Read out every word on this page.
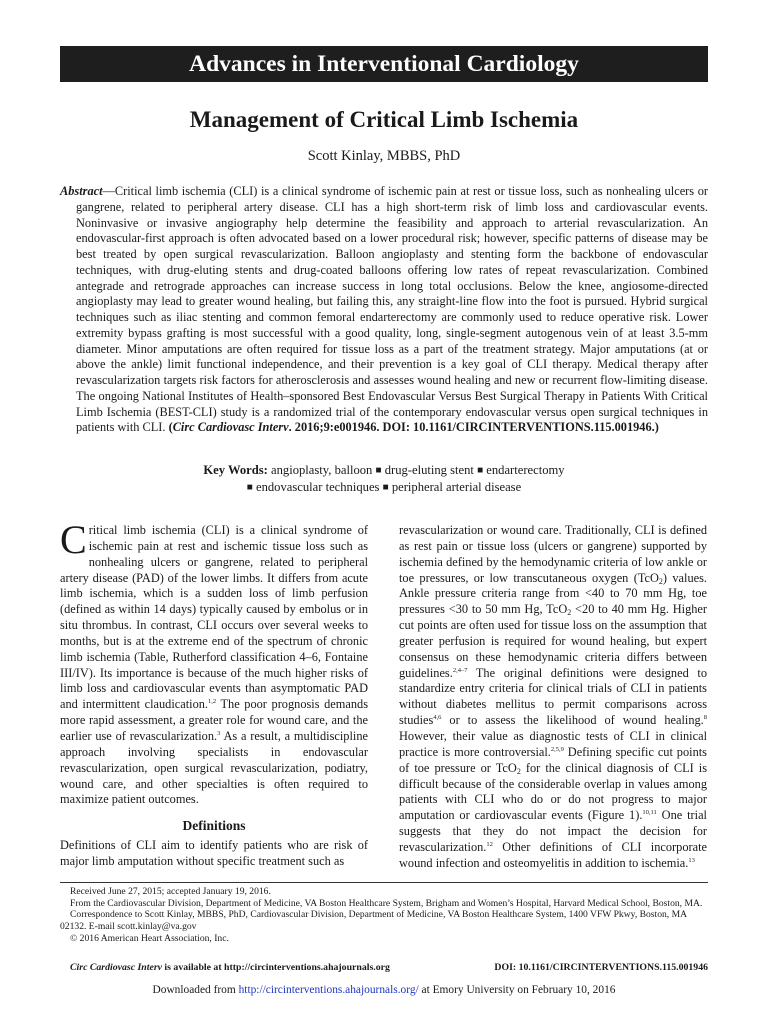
Advances in Interventional Cardiology
Management of Critical Limb Ischemia
Scott Kinlay, MBBS, PhD

Abstract—Critical limb ischemia (CLI) is a clinical syndrome of ischemic pain at rest or tissue loss, such as nonhealing ulcers or gangrene, related to peripheral artery disease. CLI has a high short-term risk of limb loss and cardiovascular events. Noninvasive or invasive angiography help determine the feasibility and approach to arterial revascularization. An endovascular-first approach is often advocated based on a lower procedural risk; however, specific patterns of disease may be best treated by open surgical revascularization. Balloon angioplasty and stenting form the backbone of endovascular techniques, with drug-eluting stents and drug-coated balloons offering low rates of repeat revascularization. Combined antegrade and retrograde approaches can increase success in long total occlusions. Below the knee, angiosome-directed angioplasty may lead to greater wound healing, but failing this, any straight-line flow into the foot is pursued. Hybrid surgical techniques such as iliac stenting and common femoral endarterectomy are commonly used to reduce operative risk. Lower extremity bypass grafting is most successful with a good quality, long, single-segment autogenous vein of at least 3.5-mm diameter. Minor amputations are often required for tissue loss as a part of the treatment strategy. Major amputations (at or above the ankle) limit functional independence, and their prevention is a key goal of CLI therapy. Medical therapy after revascularization targets risk factors for atherosclerosis and assesses wound healing and new or recurrent flow-limiting disease. The ongoing National Institutes of Health–sponsored Best Endovascular Versus Best Surgical Therapy in Patients With Critical Limb Ischemia (BEST-CLI) study is a randomized trial of the contemporary endovascular versus open surgical techniques in patients with CLI. (Circ Cardiovasc Interv. 2016;9:e001946. DOI: 10.1161/CIRCINTERVENTIONS.115.001946.)

Key Words: angioplasty, balloon ■ drug-eluting stent ■ endarterectomy
■ endovascular techniques ■ peripheral arterial disease

Critical limb ischemia (CLI) is a clinical syndrome of ischemic pain at rest and ischemic tissue loss such as nonhealing ulcers or gangrene, related to peripheral artery disease (PAD) of the lower limbs. It differs from acute limb ischemia, which is a sudden loss of limb perfusion (defined as within 14 days) typically caused by embolus or in situ thrombus. In contrast, CLI occurs over several weeks to months, but is at the extreme end of the spectrum of chronic limb ischemia (Table, Rutherford classification 4–6, Fontaine III/IV). Its importance is because of the much higher risks of limb loss and cardiovascular events than asymptomatic PAD and intermittent claudication.$^{1,2}$ The poor prognosis demands more rapid assessment, a greater role for wound care, and the earlier use of revascularization.$^3$ As a result, a multidiscipline approach involving specialists in endovascular revascularization, open surgical revascularization, podiatry, wound care, and other specialties is often required to maximize patient outcomes.

Definitions

Definitions of CLI aim to identify patients who are risk of major limb amputation without specific treatment such as

revascularization or wound care. Traditionally, CLI is defined as rest pain or tissue loss (ulcers or gangrene) supported by ischemia defined by the hemodynamic criteria of low ankle or toe pressures, or low transcutaneous oxygen (TcO$_2$) values. Ankle pressure criteria range from <40 to 70 mm Hg, toe pressures <30 to 50 mm Hg, TcO$_2$ <20 to 40 mm Hg. Higher cut points are often used for tissue loss on the assumption that greater perfusion is required for wound healing, but expert consensus on these hemodynamic criteria differs between guidelines.$^{2,4-7}$ The original definitions were designed to standardize entry criteria for clinical trials of CLI in patients without diabetes mellitus to permit comparisons across studies$^{4,6}$ or to assess the likelihood of wound healing.$^8$ However, their value as diagnostic tests of CLI in clinical practice is more controversial.$^{2,5,9}$ Defining specific cut points of toe pressure or TcO$_2$ for the clinical diagnosis of CLI is difficult because of the considerable overlap in values among patients with CLI who do or do not progress to major amputation or cardiovascular events (Figure 1).$^{10,11}$ One trial suggests that they do not impact the decision for revascularization.$^{12}$ Other definitions of CLI incorporate wound infection and osteomyelitis in addition to ischemia.$^{13}$

Received June 27, 2015; accepted January 19, 2016.

From the Cardiovascular Division, Department of Medicine, VA Boston Healthcare System, Brigham and Women’s Hospital, Harvard Medical School, Boston, MA.

Correspondence to Scott Kinlay, MBBS, PhD, Cardiovascular Division, Department of Medicine, VA Boston Healthcare System, 1400 VFW Pkwy, Boston, MA 02132. E-mail scott.kinlay@va.gov

© 2016 American Heart Association, Inc.

Circ Cardiovasc Interv is available at http://circinterventions.ahajournals.org	DOI: 10.1161/CIRCINTERVENTIONS.115.001946
Downloaded from http://circinterventions.ahajournals.org/ at Emory University on February 10, 2016
